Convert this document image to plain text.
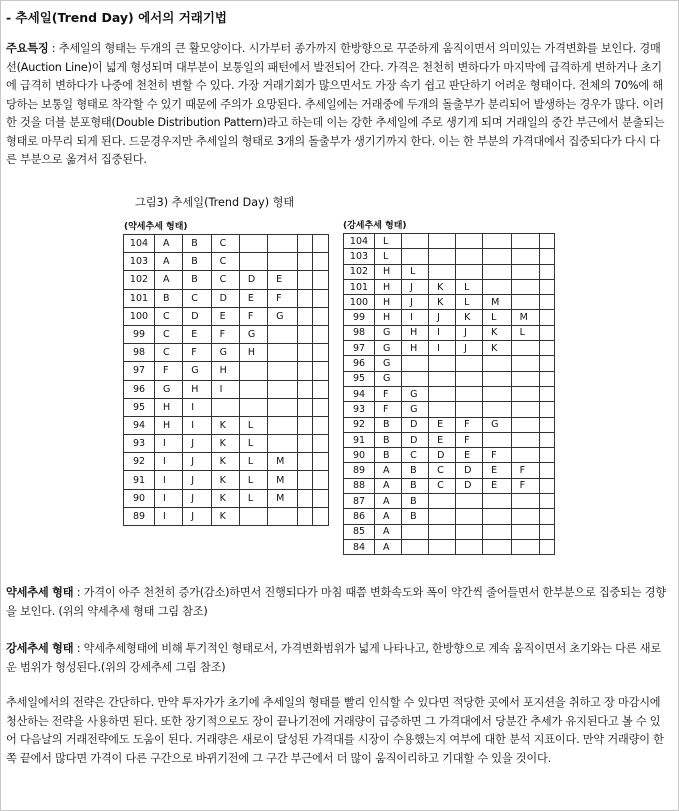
- 추세일(Trend Day) 에서의 거래기법
주요특징 : 추세일의 형태는 두개의 큰 활모양이다. 시가부터 종가까지 한방향으로 꾸준하게 움직이면서 의미있는 가격변화를 보인다. 경매선(Auction Line)이 넓게 형성되며 대부분이 보통일의 패턴에서 발전되어 간다. 가격은 천천히 변하다가 마지막에 급격하게 변하거나 초기에 급격히 변하다가 나중에 천천히 변할 수 있다. 가장 거래기회가 많으면서도 가장 속기 쉽고 판단하기 어려운 형태이다. 전체의 70%에 해당하는 보통일 형태로 착각할 수 있기 때문에 주의가 요망된다. 추세일에는 거래중에 두개의 돌출부가 분리되어 발생하는 경우가 많다. 이러한 것을 더블 분포형태(Double Distribution Pattern)라고 하는데 이는 강한 추세일에 주로 생기게 되며 거래일의 중간 부근에서 분출되는 형태로 마무리 되게 된다. 드문경우지만 추세일의 형태로 3개의 돌출부가 생기기까지 한다. 이는 한 부분의 가격대에서 집중되다가 다시 다른 부분으로 옮겨서 집중된다.
그림3) 추세일(Trend Day) 형태
(약세추세 형태)
104	A	B	C				
103	A	B	C				
102	A	B	C	D	E		
101	B	C	D	E	F		
100	C	D	E	F	G		
99	C	E	F	G			
98	C	F	G	H			
97	F	G	H				
96	G	H	I				
95	H	I					
94	H	I	K	L			
93	I	J	K	L			
92	I	J	K	L	M		
91	I	J	K	L	M		
90	I	J	K	L	M		
89	I	J	K				
(강세추세 형태)
104	L						
103	L						
102	H	L					
101	H	J	K	L			
100	H	J	K	L	M		
99	H	I	J	K	L	M	
98	G	H	I	J	K	L	
97	G	H	I	J	K		
96	G						
95	G						
94	F	G					
93	F	G					
92	B	D	E	F	G		
91	B	D	E	F			
90	B	C	D	E	F		
89	A	B	C	D	E	F	
88	A	B	C	D	E	F	
87	A	B					
86	A	B					
85	A						
84	A						
약세추세 형태 : 가격이 아주 천천히 증가(감소)하면서 진행되다가 마침 때쯤 변화속도와 폭이 약간씩 줄어들면서 한부분으로 집중되는 경향을 보인다. (위의 약세추세 형태 그림 참조)
강세추세 형태 : 약세추세형태에 비해 투기적인 형태로서, 가격변화범위가 넓게 나타나고, 한방향으로 계속 움직이면서 초기와는 다른 새로운 범위가 형성된다.(위의 강세추세 그림 참조)
추세일에서의 전략은 간단하다. 만약 투자가가 초기에 추세일의 형태를 빨리 인식할 수 있다면 적당한 곳에서 포지션을 취하고 장 마감시에 청산하는 전략을 사용하면 된다. 또한 장기적으로도 장이 끝나기전에 거래량이 급증하면 그 가격대에서 당분간 추세가 유지된다고 볼 수 있어 다음날의 거래전략에도 도움이 된다. 거래량은 새로이 달성된 가격대를 시장이 수용했는지 여부에 대한 분석 지표이다. 만약 거래량이 한쪽 끝에서 많다면 가격이 다른 구간으로 바뀌기전에 그 구간 부근에서 더 많이 움직이리하고 기대할 수 있을 것이다.
